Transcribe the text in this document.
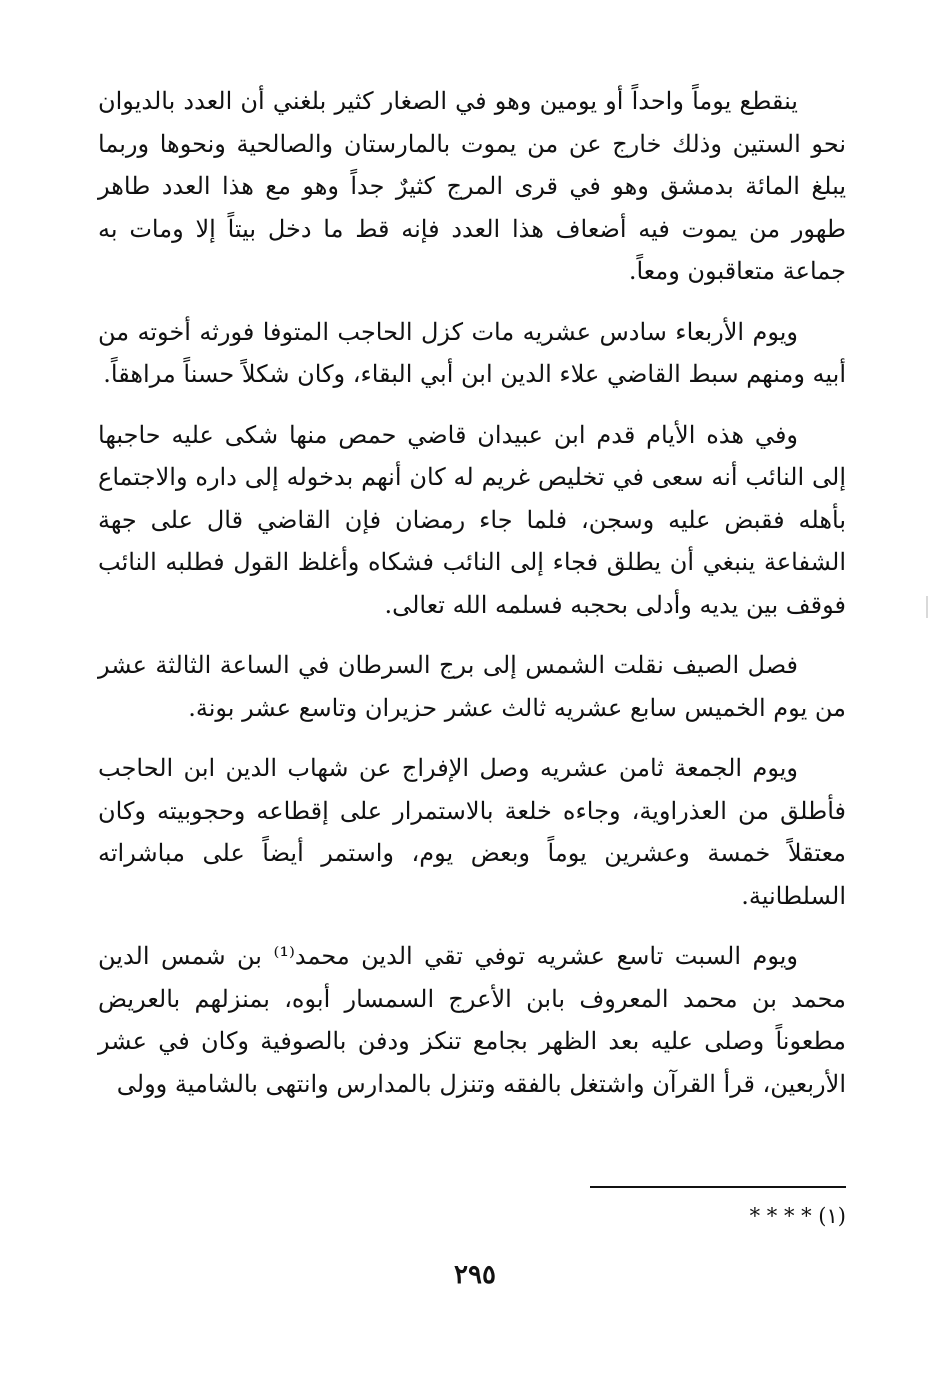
ينقطع يوماً واحداً أو يومين وهو في الصغار كثير بلغني أن العدد بالديوان نحو الستين وذلك خارج عن من يموت بالمارستان والصالحية ونحوها وربما يبلغ المائة بدمشق وهو في قرى المرج كثيرٌ جداً وهو مع هذا العدد طاهر طهور من يموت فيه أضعاف هذا العدد فإنه قط ما دخل بيتاً إلا ومات به جماعة متعاقبون ومعاً.

ويوم الأربعاء سادس عشريه مات كزل الحاجب المتوفا فورثه أخوته من أبيه ومنهم سبط القاضي علاء الدين ابن أبي البقاء، وكان شكلاً حسناً مراهقاً.

وفي هذه الأيام قدم ابن عبيدان قاضي حمص منها شكى عليه حاجبها إلى النائب أنه سعى في تخليص غريم له كان أنهم بدخوله إلى داره والاجتماع بأهله فقبض عليه وسجن، فلما جاء رمضان فإن القاضي قال على جهة الشفاعة ينبغي أن يطلق فجاء إلى النائب فشكاه وأغلظ القول فطلبه النائب فوقف بين يديه وأدلى بحجبه فسلمه الله تعالى.

فصل الصيف نقلت الشمس إلى برج السرطان في الساعة الثالثة عشر من يوم الخميس سابع عشريه ثالث عشر حزيران وتاسع عشر بونة.

ويوم الجمعة ثامن عشريه وصل الإفراج عن شهاب الدين ابن الحاجب فأطلق من العذراوية، وجاءه خلعة بالاستمرار على إقطاعه وحجوبيته وكان معتقلاً خمسة وعشرين يوماً وبعض يوم، واستمر أيضاً على مباشراته السلطانية.

ويوم السبت تاسع عشريه توفي تقي الدين محمد⁽¹⁾ بن شمس الدين محمد بن محمد المعروف بابن الأعرج السمسار أبوه، بمنزلهم بالعريض مطعوناً وصلى عليه بعد الظهر بجامع تنكز ودفن بالصوفية وكان في عشر الأربعين، قرأ القرآن واشتغل بالفقه وتنزل بالمدارس وانتهى بالشامية وولى

(١) * * * *
٢٩٥
